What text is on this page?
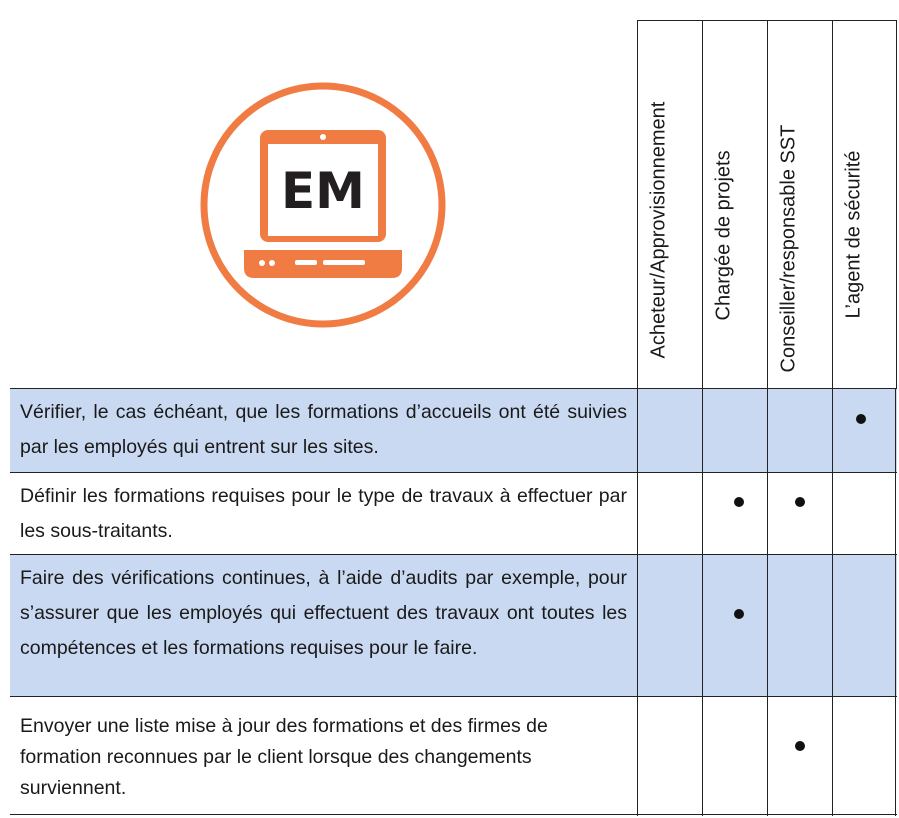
EM	Acheteur/Approvisionnement Chargée de projets Conseiller/responsable SST L’agent de sécurité
Vérifier, le cas échéant, que les formations d’accueils ont été suivies par les employés qui entrent sur les sites.
Définir les formations requises pour le type de travaux à effectuer par les sous-traitants.
Faire des vérifications continues, à l’aide d’audits par exemple, pour s’assurer que les employés qui effectuent des travaux ont toutes les compétences et les formations requises pour le faire.
Envoyer une liste mise à jour des formations et des firmes de formation reconnues par le client lorsque des changements surviennent.
